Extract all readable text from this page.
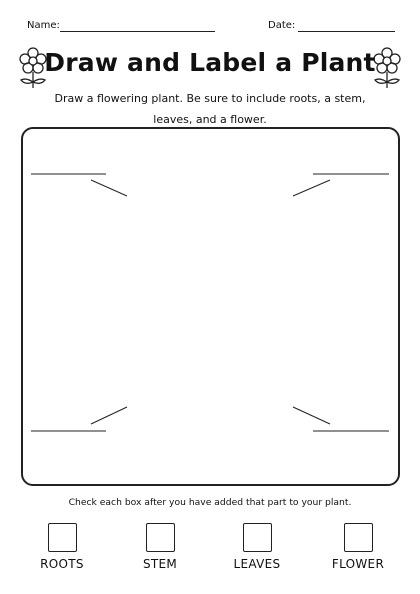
Name:	Date:
Draw and Label a Plant
Draw a flowering plant. Be sure to include roots, a stem, leaves, and a flower.
Check each box after you have added that part to your plant.
ROOTS	STEM	LEAVES	FLOWER
